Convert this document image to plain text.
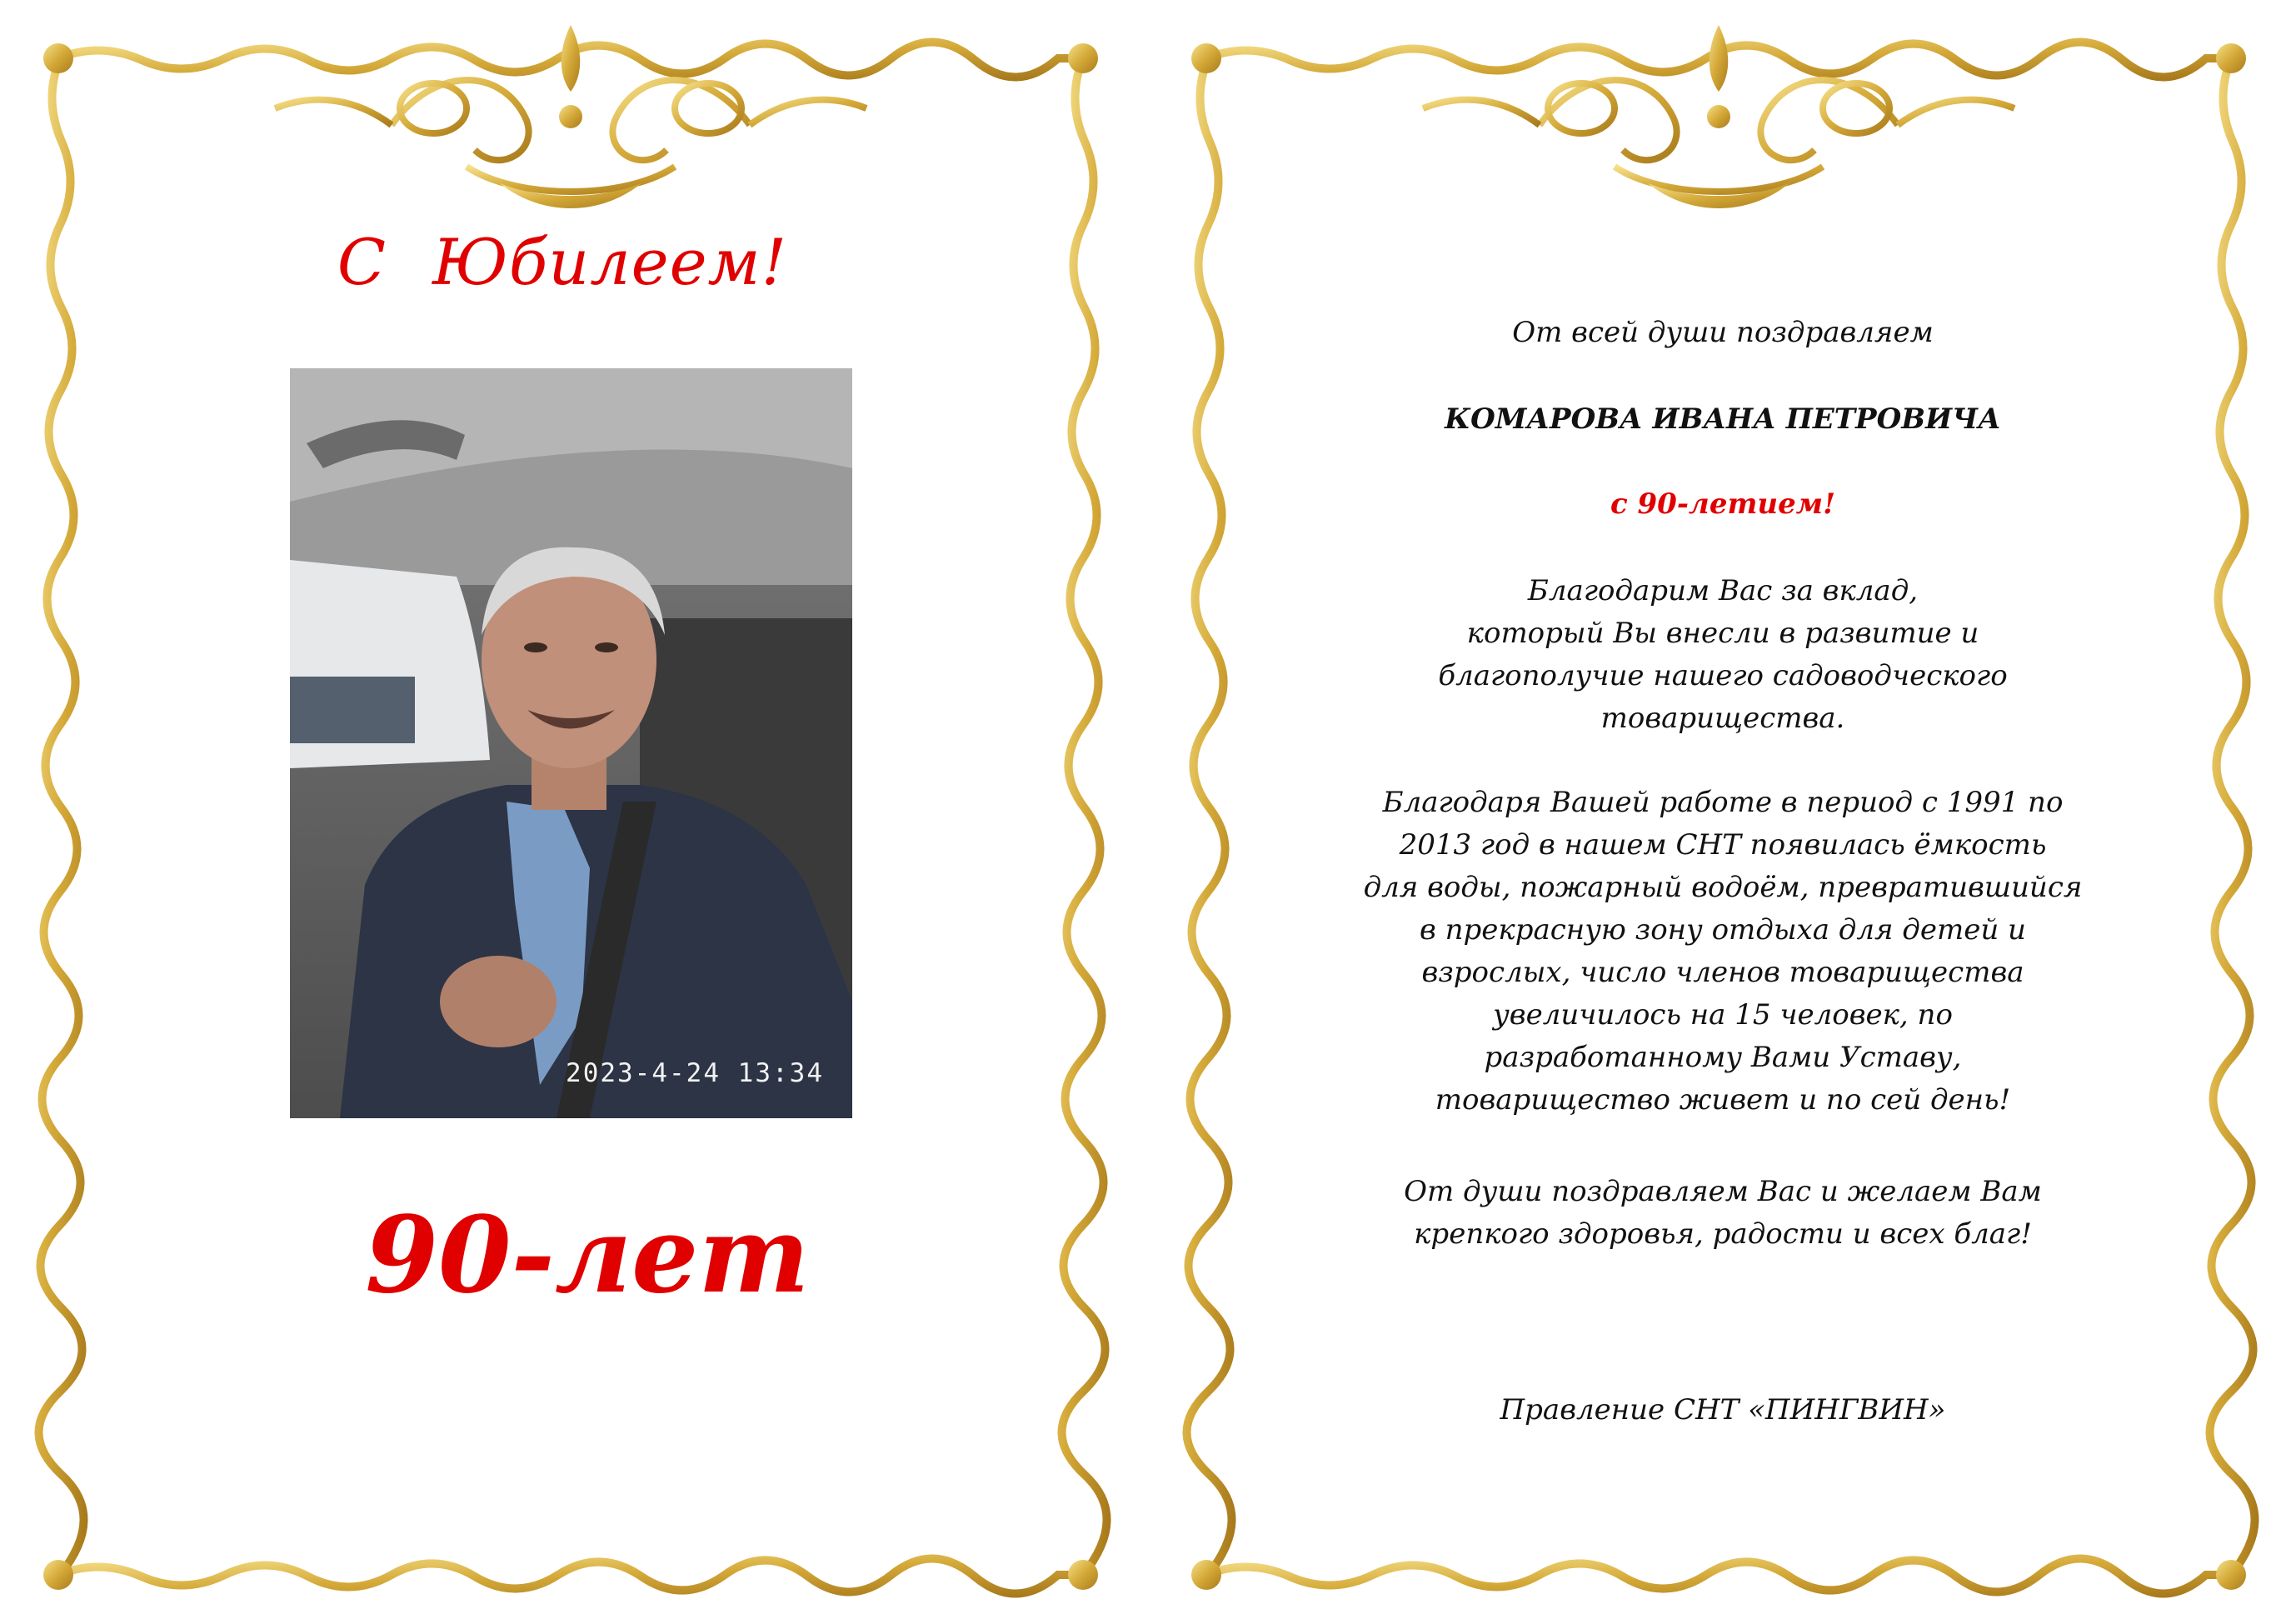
С Юбилеем!
2023-4-24 13:34
90-лет
От всей души поздравляем
КОМАРОВА ИВАНА ПЕТРОВИЧА
с 90-летием!
Благодарим Вас за вклад,
который Вы внесли в развитие и
благополучие нашего садоводческого
товарищества.
Благодаря Вашей работе в период с 1991 по
2013 год в нашем СНТ появилась ёмкость
для воды, пожарный водоём, превратившийся
в прекрасную зону отдыха для детей и
взрослых, число членов товарищества
увеличилось на 15 человек, по
разработанному Вами Уставу,
товарищество живет и по сей день!
От души поздравляем Вас и желаем Вам
крепкого здоровья, радости и всех благ!
Правление СНТ «ПИНГВИН»
